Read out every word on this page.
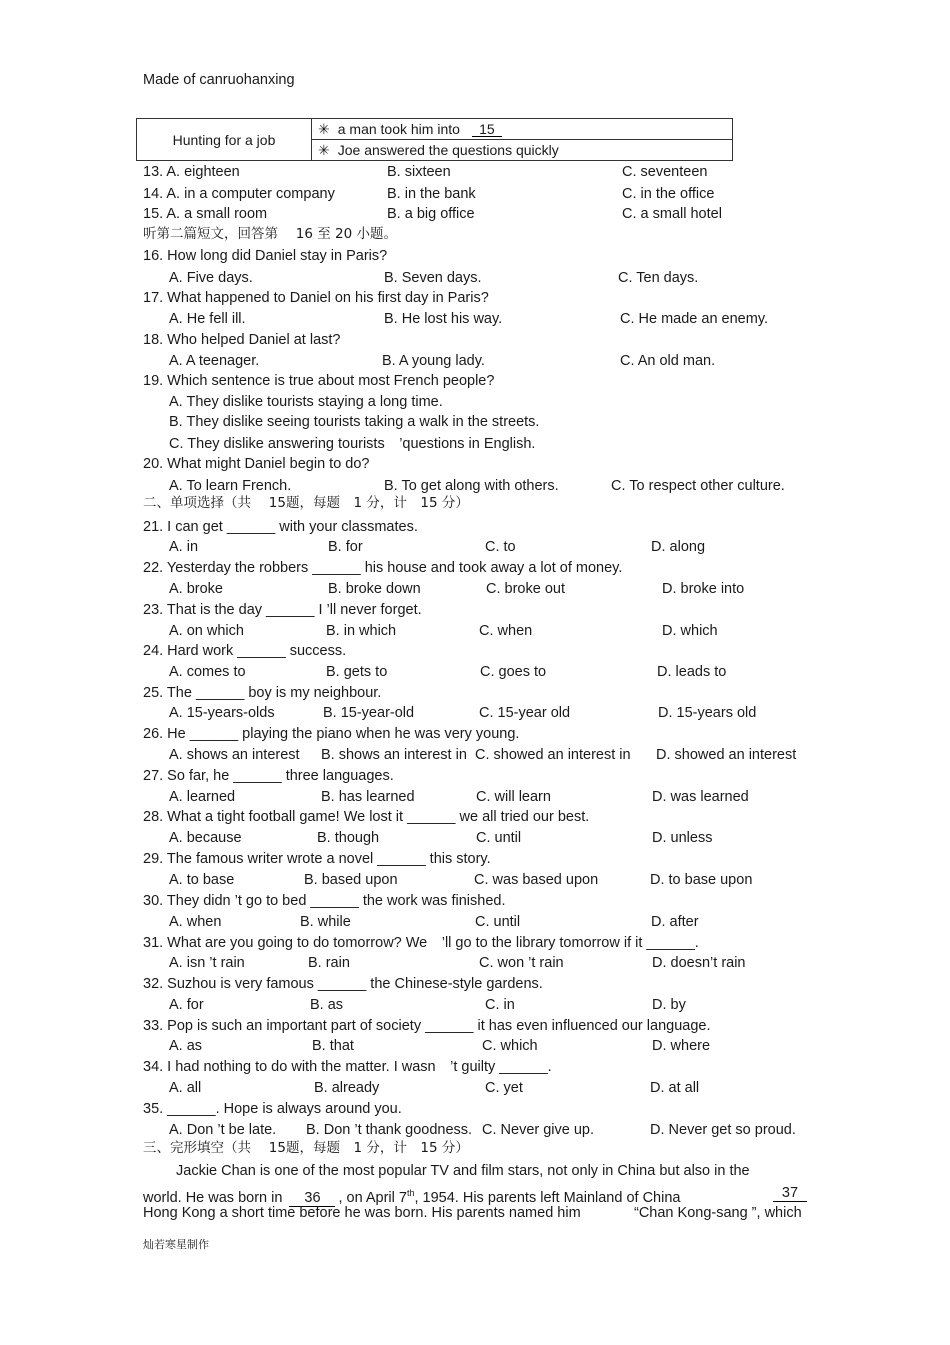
Made of canruohanxing
Hunting for a job	✳ a man took him into 15
✳ Joe answered the questions quickly
13. A. eighteen	B. sixteen	C. seventeen
14. A. in a computer company	B. in the bank	C. in the office
15. A. a small room	B. a big office	C. a small hotel
听第二篇短文，回答第　 16 至 20 小题。
16. How long did Daniel stay in Paris?
A. Five days.	B. Seven days.	C. Ten days.
17. What happened to Daniel on his first day in Paris?
A. He fell ill.	B. He lost his way.	C. He made an enemy.
18. Who helped Daniel at last?
A. A teenager.	B. A young lady.	C. An old man.
19. Which sentence is true about most French people?
A. They dislike tourists staying a long time.
B. They dislike seeing tourists taking a walk in the streets.
C. They dislike answering tourists　’questions in English.
20. What might Daniel begin to do?
A. To learn French.	B. To get along with others.	C. To respect other culture.
二、单项选择（共　 15题，每题　1 分，计　15 分）
21. I can get ______ with your classmates.
A. in	B. for	C. to	D. along
22. Yesterday the robbers ______ his house and took away a lot of money.
A. broke	B. broke down	C. broke out	D. broke into
23. That is the day ______ I ’ll never forget.
A. on which	B. in which	C. when	D. which
24. Hard work ______ success.
A. comes to	B. gets to	C. goes to	D. leads to
25. The ______ boy is my neighbour.
A. 15-years-olds	B. 15-year-old	C. 15-year old	D. 15-years old
26. He ______ playing the piano when he was very young.
A. shows an interest B. shows an interest in C. showed an interest in D. showed an interest
27. So far, he ______ three languages.
A. learned	B. has learned	C. will learn	D. was learned
28. What a tight football game! We lost it ______ we all tried our best.
A. because	B. though	C. until	D. unless
29. The famous writer wrote a novel ______ this story.
A. to base	B. based upon	C. was based upon	D. to base upon
30. They didn ’t go to bed ______ the work was finished.
A. when	B. while	C. until	D. after
31. What are you going to do tomorrow? We　’ll go to the library tomorrow if it ______.
A. isn ’t rain	B. rain	C. won ’t rain	D. doesn’t rain
32. Suzhou is very famous ______ the Chinese-style gardens.
A. for	B. as	C. in	D. by
33. Pop is such an important part of society ______ it has even influenced our language.
A. as	B. that	C. which	D. where
34. I had nothing to do with the matter. I wasn　’t guilty ______.
A. all	B. already	C. yet	D. at all
35. ______. Hope is always around you.
A. Don ’t be late. B. Don ’t thank goodness. C. Never give up.	D. Never get so proud.
三、完形填空（共　 15题，每题　1 分，计　15 分）
Jackie Chan is one of the most popular TV and film stars, not only in China but also in the
world. He was born in 36 , on April 7th, 1954. His parents left Mainland of China	37
Hong Kong a short time before he was born. His parents named him	“Chan Kong-sang ”, which
灿若寒星制作
